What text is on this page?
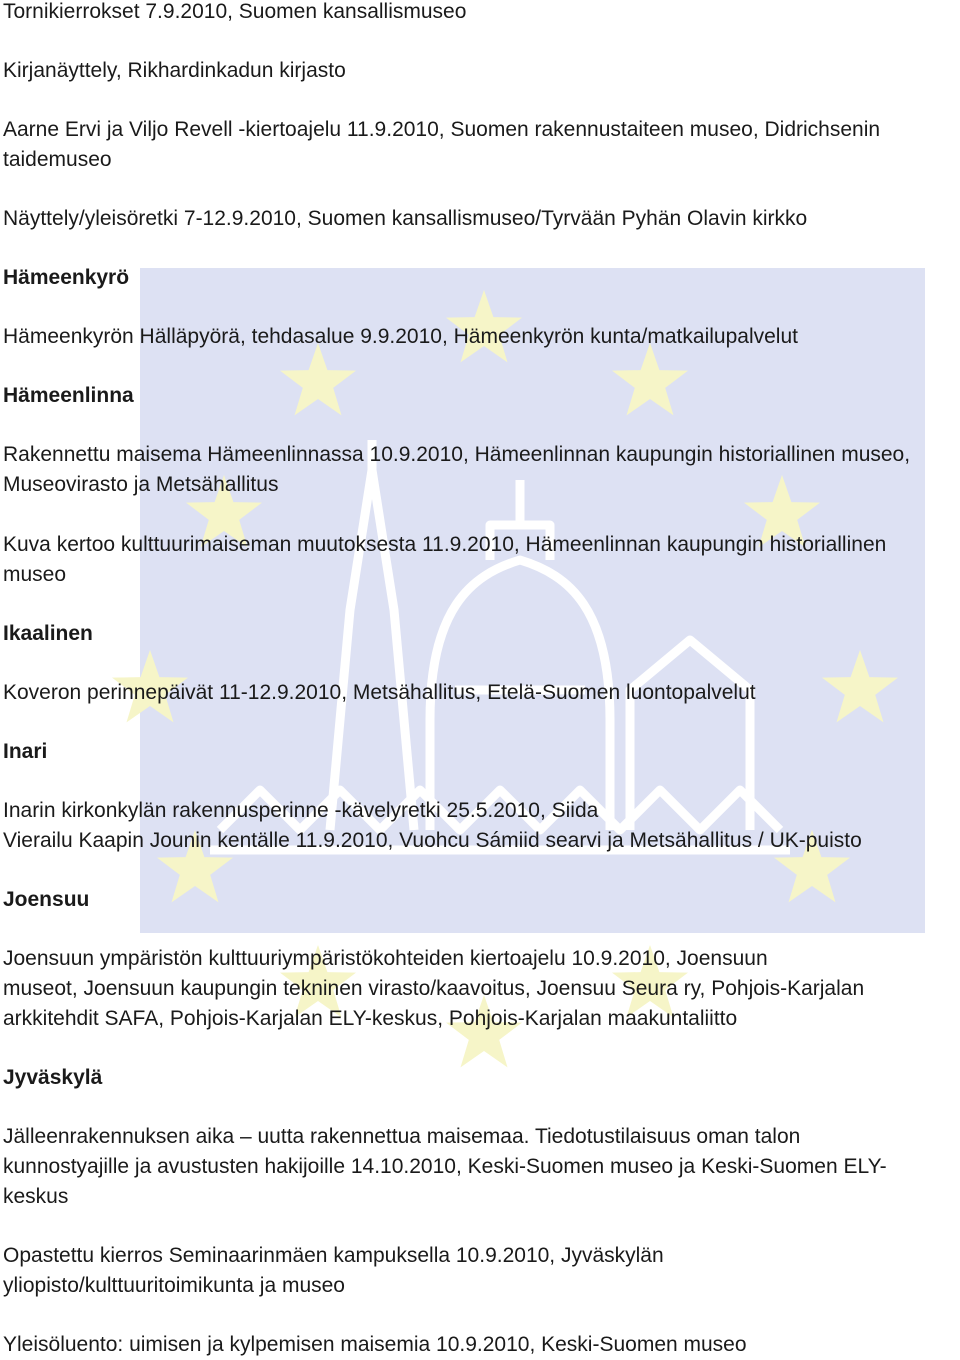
Tornikierrokset 7.9.2010, Suomen kansallismuseo

Kirjanäyttely, Rikhardinkadun kirjasto

Aarne Ervi ja Viljo Revell -kiertoajelu 11.9.2010, Suomen rakennustaiteen museo, Didrichsenin

taidemuseo

Näyttely/yleisöretki 7-12.9.2010, Suomen kansallismuseo/Tyrvään Pyhän Olavin kirkko

Hämeenkyrö

Hämeenkyrön Hälläpyörä, tehdasalue 9.9.2010, Hämeenkyrön kunta/matkailupalvelut

Hämeenlinna

Rakennettu maisema Hämeenlinnassa 10.9.2010, Hämeenlinnan kaupungin historiallinen museo,

Museovirasto ja Metsähallitus

Kuva kertoo kulttuurimaiseman muutoksesta 11.9.2010, Hämeenlinnan kaupungin historiallinen

museo

Ikaalinen

Koveron perinnepäivät 11-12.9.2010, Metsähallitus, Etelä-Suomen luontopalvelut

Inari

Inarin kirkonkylän rakennusperinne -kävelyretki 25.5.2010, Siida

Vierailu Kaapin Jounin kentälle 11.9.2010, Vuohcu Sámiid searvi ja Metsähallitus / UK-puisto

Joensuu

Joensuun ympäristön kulttuuriympäristökohteiden kiertoajelu 10.9.2010, Joensuun

museot, Joensuun kaupungin tekninen virasto/kaavoitus, Joensuu Seura ry, Pohjois-Karjalan

arkkitehdit SAFA, Pohjois-Karjalan ELY-keskus, Pohjois-Karjalan maakuntaliitto

Jyväskylä

Jälleenrakennuksen aika – uutta rakennettua maisemaa. Tiedotustilaisuus oman talon

kunnostyajille ja avustusten hakijoille 14.10.2010, Keski-Suomen museo ja Keski-Suomen ELY-

keskus

Opastettu kierros Seminaarinmäen kampuksella 10.9.2010, Jyväskylän

yliopisto/kulttuuritoimikunta ja museo

Yleisöluento: uimisen ja kylpemisen maisemia 10.9.2010, Keski-Suomen museo
